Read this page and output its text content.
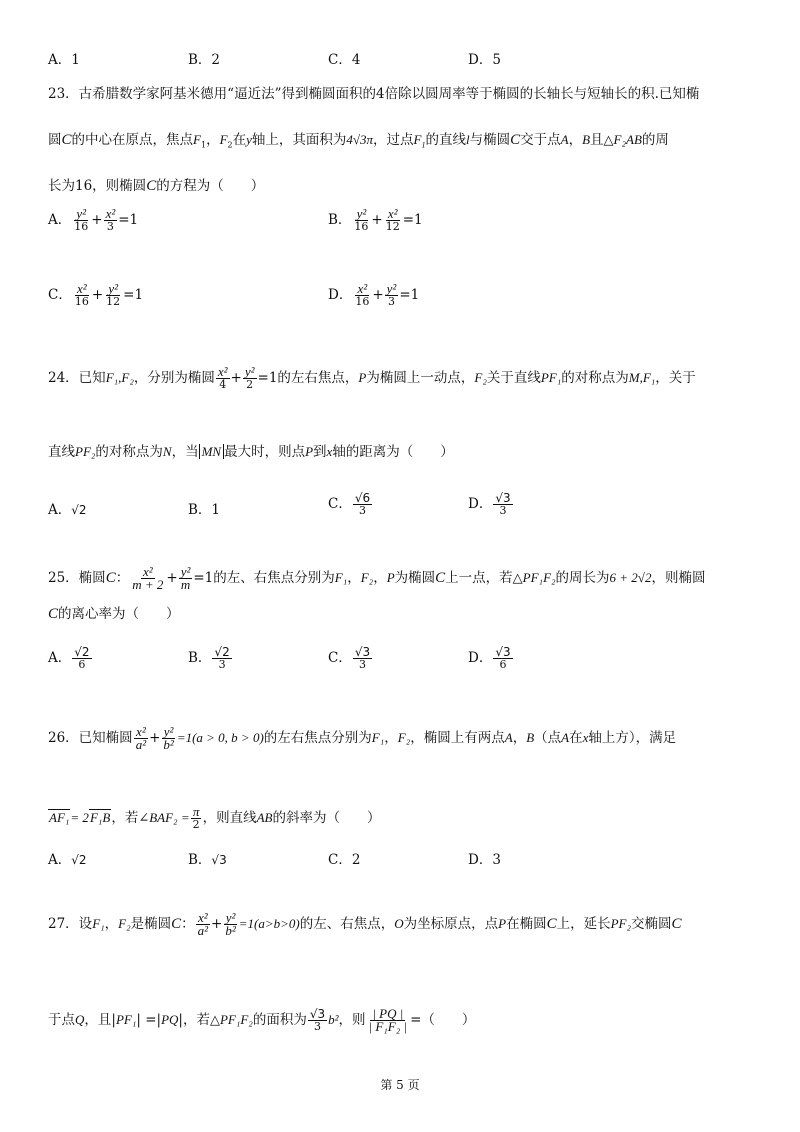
A．1	B．2	C．4	D．5
23．古希腊数学家阿基米德用“逼近法”得到椭圆面积的4倍除以圆周率等于椭圆的长轴长与短轴长的积.已知椭
圆C的中心在原点，焦点$F_1$，$F_2$在y轴上，其面积为4√3π，过点$F_1$的直线l与椭圆C交于点A，B且△F₂AB的周
长为16，则椭圆C的方程为（　　）
A． $\frac{\text{y²}}{16} + \frac{\text{x²}}{3} =1$	B． $\frac{\text{y²}}{16} + \frac{\text{x²}}{12} =1$
C． $\frac{\text{x²}}{16} + \frac{\text{y²}}{12} =1$	D． $\frac{\text{x²}}{16} + \frac{\text{y²}}{3} =1$
24．已知F₁,F₂，分别为椭圆 $\frac{\text{x²}}{4} + \frac{\text{y²}}{2} =1$的左右焦点，P为椭圆上一动点，F₂关于直线PF₁的对称点为M,F₁，关于
直线PF₂的对称点为N，当 MN 最大时，则点P到x轴的距离为（　　）
A．√2	B．1	C． $\frac{√6}{3}$	D． $\frac{√3}{3}$
25．椭圆C： $\frac{\text{x²}}{m + 2} + \frac{\text{y²}}{m} =1$的左、右焦点分别为F₁，F₂，P为椭圆C上一点，若△PF₁F₂的周长为6 + 2√2，则椭圆
C的离心率为（　　）
A． $\frac{√2}{6}$	B． $\frac{√2}{3}$	C． $\frac{√3}{3}$	D． $\frac{√3}{6}$
26．已知椭圆 $\frac{\text{x²}}{\text{a²}} + \frac{\text{y²}}{\text{b²}} =1(a > 0$, b > 0)的左右焦点分别为F₁，F₂，椭圆上有两点A，B（点A在x轴上方），满足
AF₁= 2F₁B，若∠BAF₂ = $\frac{\pi}{2}$ ，则直线AB的斜率为（　　）
A．√2	B．√3	C．2	D．3
27．设F₁，F₂是椭圆C： $\frac{\text{x²}}{\text{a²}} + \frac{\text{y²}}{\text{b²}} =1(a>b>0)$的左、右焦点，O为坐标原点，点P在椭圆C上，延长PF₂交椭圆C
于点Q，且|PF₁| =|PQ|，若△PF₁F₂的面积为 $\frac{√3}{3} b^2$，则 $\frac{| PQ |}{\text{| F₁F₂ |}}$ =（　　）
第 5 页
